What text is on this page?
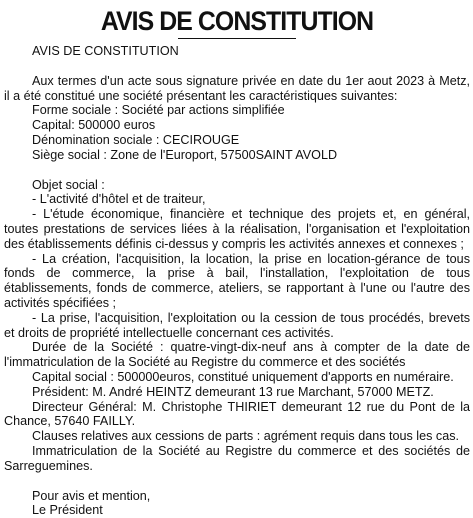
AVIS DE CONSTITUTION

AVIS DE CONSTITUTION

Aux termes d'un acte sous signature privée en date du 1er aout 2023 à Metz, il a été constitué une société présentant les caractéristiques suivantes:

Forme sociale : Société par actions simplifiée

Capital: 500000 euros

Dénomination sociale : CECIROUGE

Siège social : Zone de l'Europort, 57500SAINT AVOLD

Objet social :

- L'activité d'hôtel et de traiteur,

- L'étude économique, financière et technique des projets et, en général, toutes prestations de services liées à la réalisation, l'organisation et l'exploitation des établissements définis ci-dessus y compris les activités annexes et connexes ;

- La création, l'acquisition, la location, la prise en location-gérance de tous fonds de commerce, la prise à bail, l'installation, l'exploitation de tous établissements, fonds de commerce, ateliers, se rapportant à l'une ou l'autre des activités spécifiées ;

- La prise, l'acquisition, l'exploitation ou la cession de tous procédés, brevets et droits de propriété intellectuelle concernant ces activités.

Durée de la Société : quatre-vingt-dix-neuf ans à compter de la date de l'immatriculation de la Société au Registre du commerce et des sociétés

Capital social : 500000euros, constitué uniquement d'apports en numéraire.

Président: M. André HEINTZ demeurant 13 rue Marchant, 57000 METZ.

Directeur Général: M. Christophe THIRIET demeurant 12 rue du Pont de la Chance, 57640 FAILLY.

Clauses relatives aux cessions de parts : agrément requis dans tous les cas.

Immatriculation de la Société au Registre du commerce et des sociétés de Sarreguemines.

Pour avis et mention,

Le Président
